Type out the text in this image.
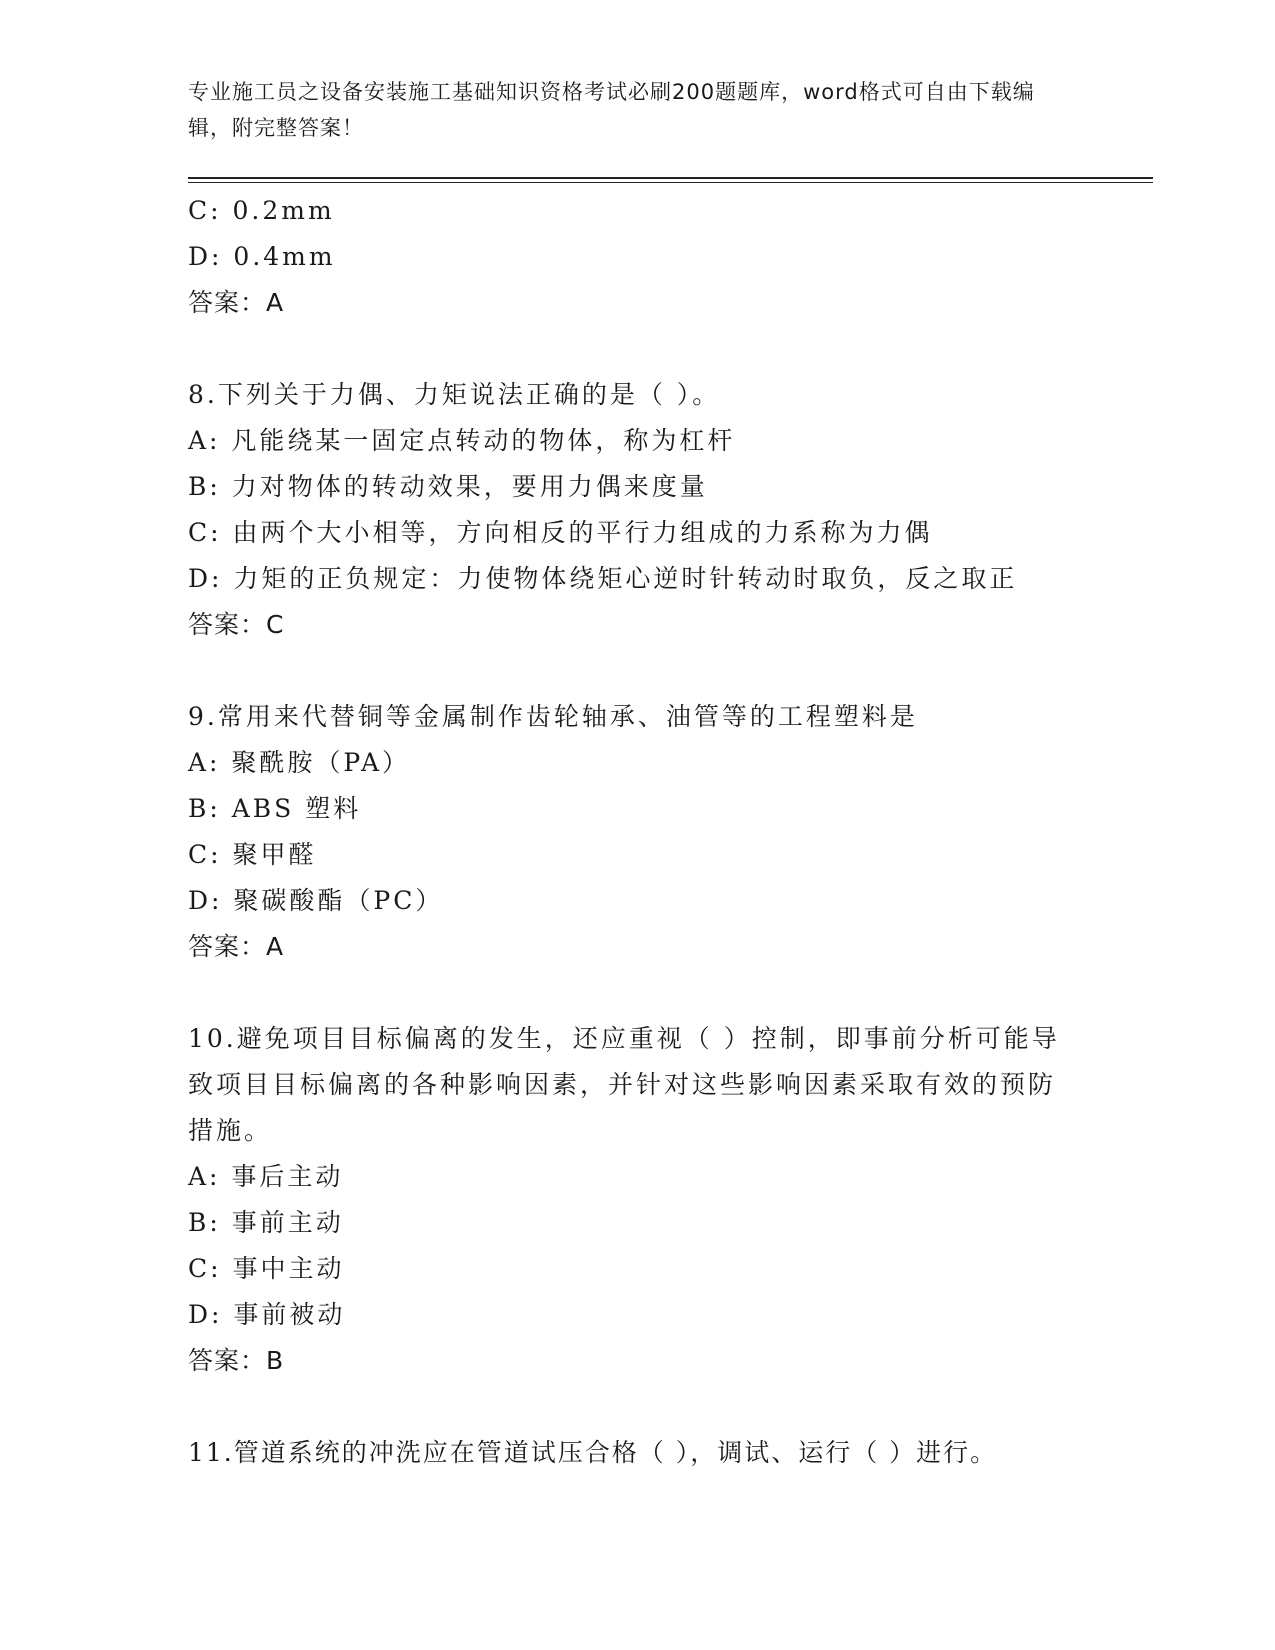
专业施工员之设备安装施工基础知识资格考试必刷200题题库，word格式可自由下载编辑，附完整答案！
C: 0.2mm
D: 0.4mm
答案：A
8.下列关于力偶、力矩说法正确的是（ ）。
A: 凡能绕某一固定点转动的物体，称为杠杆
B: 力对物体的转动效果，要用力偶来度量
C: 由两个大小相等，方向相反的平行力组成的力系称为力偶
D: 力矩的正负规定：力使物体绕矩心逆时针转动时取负，反之取正
答案：C
9.常用来代替铜等金属制作齿轮轴承、油管等的工程塑料是
A: 聚酰胺（PA）
B: ABS 塑料
C: 聚甲醛
D: 聚碳酸酯（PC）
答案：A
10.避免项目目标偏离的发生，还应重视（ ）控制，即事前分析可能导致项目目标偏离的各种影响因素，并针对这些影响因素采取有效的预防措施。
A: 事后主动
B: 事前主动
C: 事中主动
D: 事前被动
答案：B
11.管道系统的冲洗应在管道试压合格（ ），调试、运行（ ）进行。
